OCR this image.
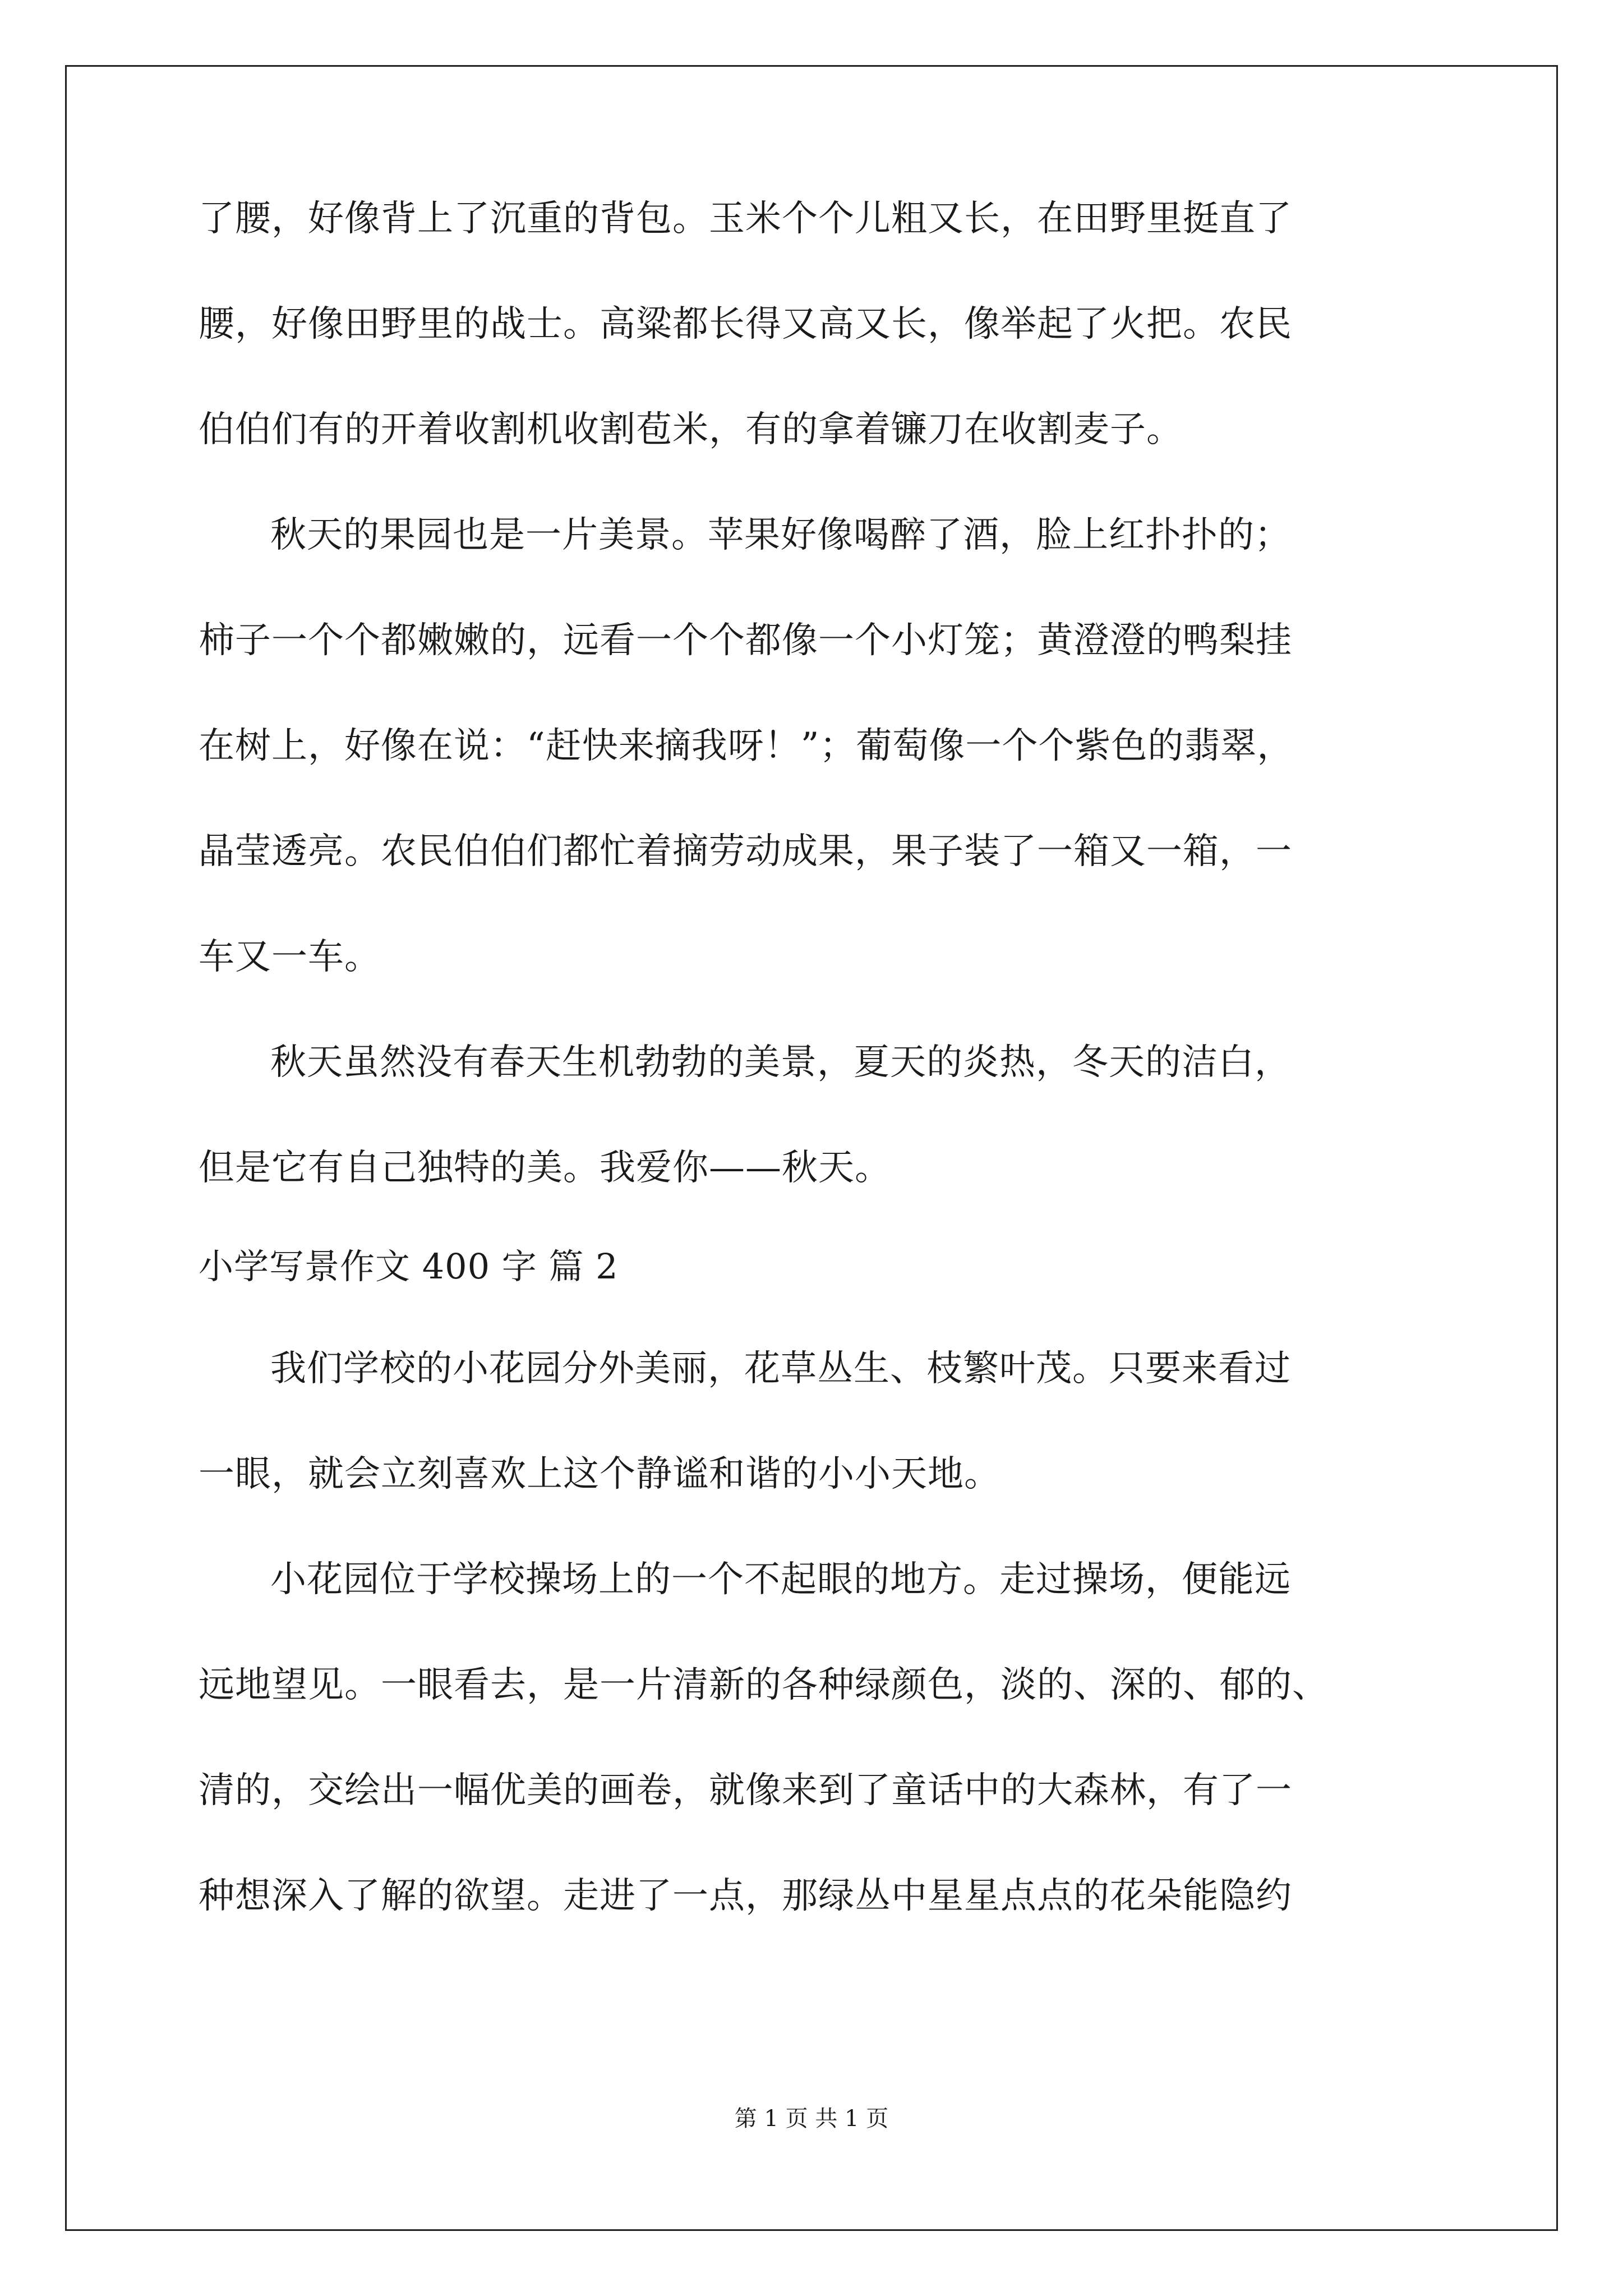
了腰，好像背上了沉重的背包。玉米个个儿粗又长，在田野里挺直了
腰，好像田野里的战士。高粱都长得又高又长，像举起了火把。农民
伯伯们有的开着收割机收割苞米，有的拿着镰刀在收割麦子。
秋天的果园也是一片美景。苹果好像喝醉了酒，脸上红扑扑的；
柿子一个个都嫩嫩的，远看一个个都像一个小灯笼；黄澄澄的鸭梨挂
在树上，好像在说：“赶快来摘我呀！”；葡萄像一个个紫色的翡翠，
晶莹透亮。农民伯伯们都忙着摘劳动成果，果子装了一箱又一箱，一
车又一车。
秋天虽然没有春天生机勃勃的美景，夏天的炎热，冬天的洁白，
但是它有自己独特的美。我爱你——秋天。
小学写景作文 400 字 篇 2
我们学校的小花园分外美丽，花草丛生、枝繁叶茂。只要来看过
一眼，就会立刻喜欢上这个静谧和谐的小小天地。
小花园位于学校操场上的一个不起眼的地方。走过操场，便能远
远地望见。一眼看去，是一片清新的各种绿颜色，淡的、深的、郁的、
清的，交绘出一幅优美的画卷，就像来到了童话中的大森林，有了一
种想深入了解的欲望。走进了一点，那绿丛中星星点点的花朵能隐约
第 1 页 共 1 页
